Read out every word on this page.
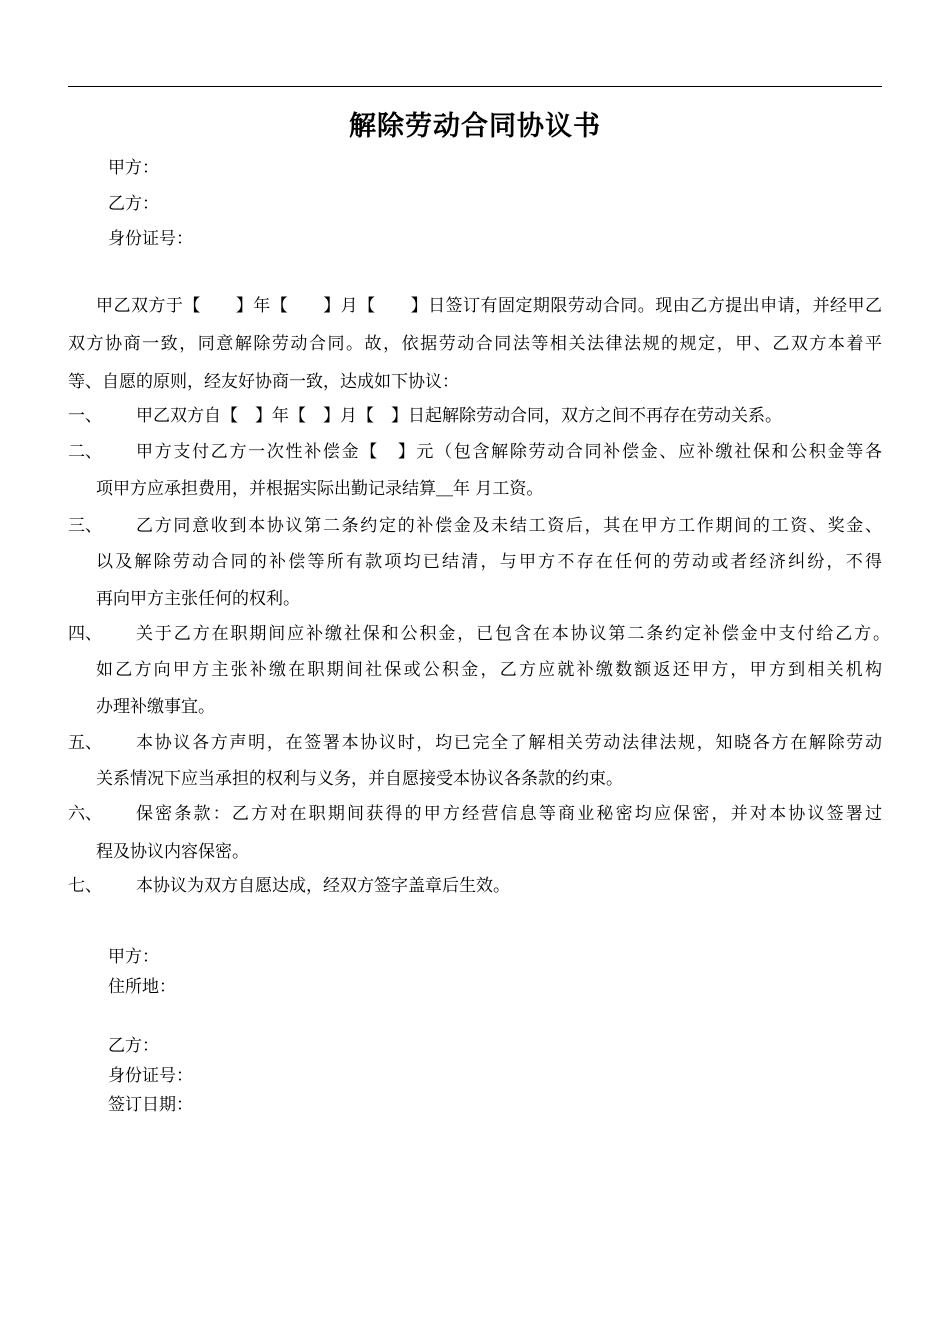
解除劳动合同协议书
甲方：
乙方：
身份证号：
甲乙双方于【　　】年【　　】月【　　】日签订有固定期限劳动合同。现由乙方提出申请，并经甲乙
双方协商一致，同意解除劳动合同。故，依据劳动合同法等相关法律法规的规定，甲、乙双方本着平
等、自愿的原则，经友好协商一致，达成如下协议：
一、 甲乙双方自【　】年【　】月【　】日起解除劳动合同，双方之间不再存在劳动关系。
二、 甲方支付乙方一次性补偿金【　】元（包含解除劳动合同补偿金、应补缴社保和公积金等各
项甲方应承担费用，并根据实际出勤记录结算＿年 月工资。
三、 乙方同意收到本协议第二条约定的补偿金及未结工资后，其在甲方工作期间的工资、奖金、
以及解除劳动合同的补偿等所有款项均已结清，与甲方不存在任何的劳动或者经济纠纷，不得
再向甲方主张任何的权利。
四、 关于乙方在职期间应补缴社保和公积金，已包含在本协议第二条约定补偿金中支付给乙方。
如乙方向甲方主张补缴在职期间社保或公积金，乙方应就补缴数额返还甲方，甲方到相关机构
办理补缴事宜。
五、 本协议各方声明，在签署本协议时，均已完全了解相关劳动法律法规，知晓各方在解除劳动
关系情况下应当承担的权利与义务，并自愿接受本协议各条款的约束。
六、 保密条款：乙方对在职期间获得的甲方经营信息等商业秘密均应保密，并对本协议签署过
程及协议内容保密。
七、 本协议为双方自愿达成，经双方签字盖章后生效。
甲方：
住所地：
乙方：
身份证号：
签订日期：
